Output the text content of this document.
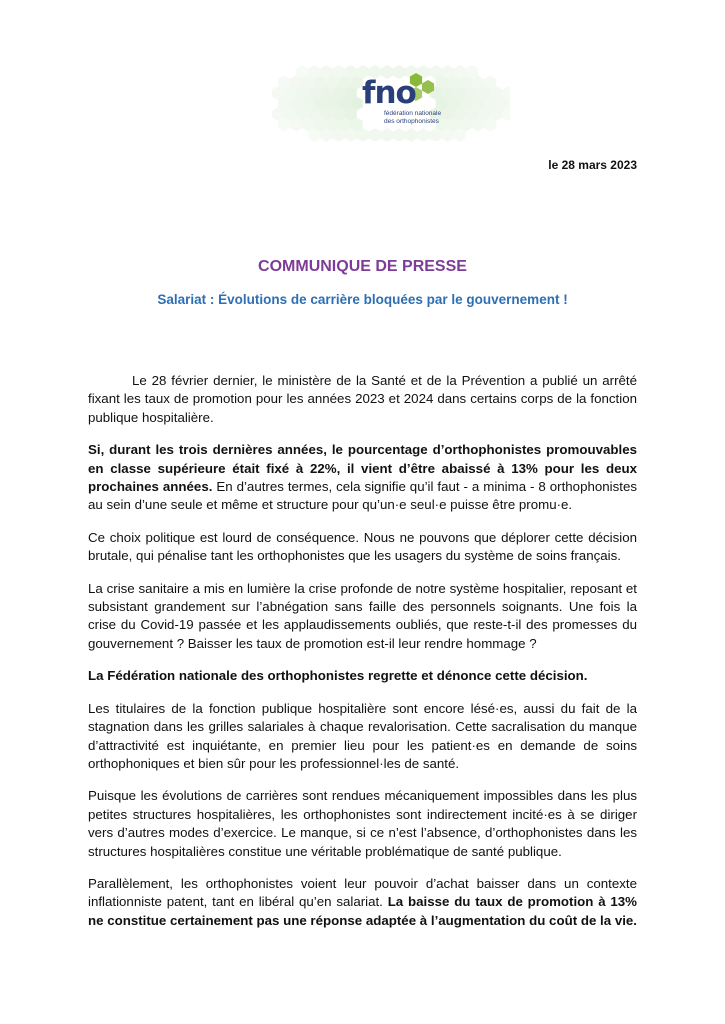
fno
fédération nationale
des orthophonistes
le 28 mars 2023
COMMUNIQUE DE PRESSE
Salariat : Évolutions de carrière bloquées par le gouvernement !

Le 28 février dernier, le ministère de la Santé et de la Prévention a publié un arrêté fixant les taux de promotion pour les années 2023 et 2024 dans certains corps de la fonction publique hospitalière.

Si, durant les trois dernières années, le pourcentage d’orthophonistes promouvables en classe supérieure était fixé à 22%, il vient d’être abaissé à 13% pour les deux prochaines années. En d’autres termes, cela signifie qu’il faut - a minima - 8 orthophonistes au sein d’une seule et même et structure pour qu’un·e seul·e puisse être promu·e.

Ce choix politique est lourd de conséquence. Nous ne pouvons que déplorer cette décision brutale, qui pénalise tant les orthophonistes que les usagers du système de soins français.

La crise sanitaire a mis en lumière la crise profonde de notre système hospitalier, reposant et subsistant grandement sur l’abnégation sans faille des personnels soignants. Une fois la crise du Covid-19 passée et les applaudissements oubliés, que reste-t-il des promesses du gouvernement ? Baisser les taux de promotion est-il leur rendre hommage ?

La Fédération nationale des orthophonistes regrette et dénonce cette décision.

Les titulaires de la fonction publique hospitalière sont encore lésé·es, aussi du fait de la stagnation dans les grilles salariales à chaque revalorisation. Cette sacralisation du manque d’attractivité est inquiétante, en premier lieu pour les patient·es en demande de soins orthophoniques et bien sûr pour les professionnel·les de santé.

Puisque les évolutions de carrières sont rendues mécaniquement impossibles dans les plus petites structures hospitalières, les orthophonistes sont indirectement incité·es à se diriger vers d’autres modes d’exercice. Le manque, si ce n’est l’absence, d’orthophonistes dans les structures hospitalières constitue une véritable problématique de santé publique.

Parallèlement, les orthophonistes voient leur pouvoir d’achat baisser dans un contexte inflationniste patent, tant en libéral qu’en salariat. La baisse du taux de promotion à 13% ne constitue certainement pas une réponse adaptée à l’augmentation du coût de la vie.
